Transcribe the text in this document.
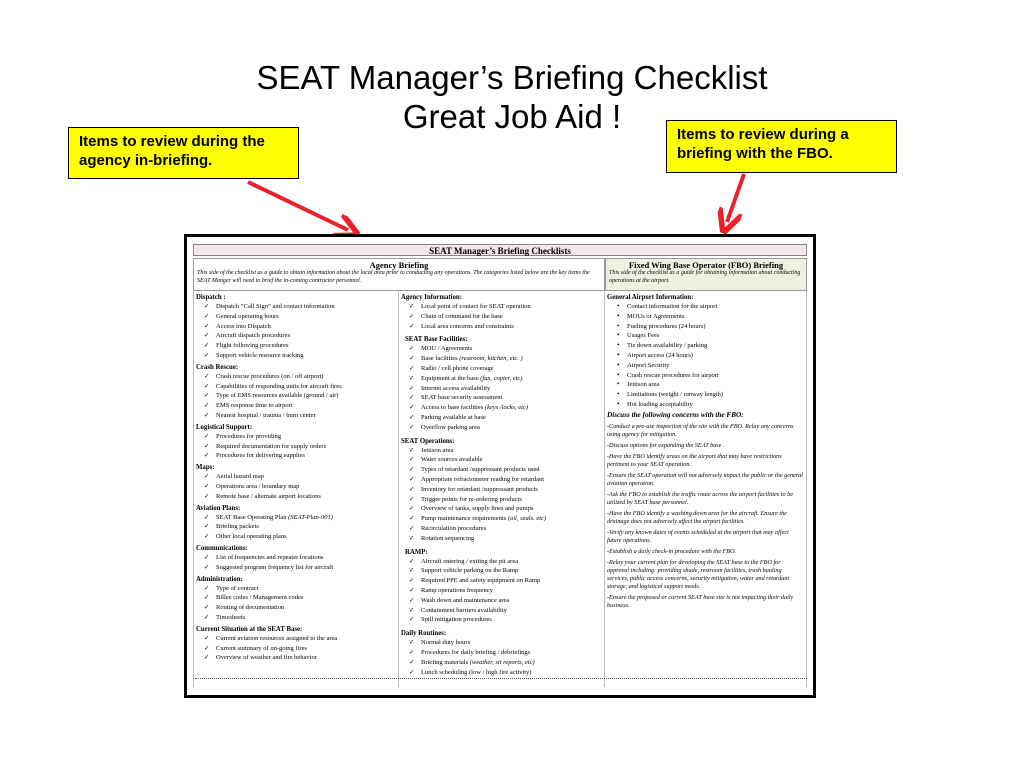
SEAT Manager’s Briefing Checklist
Great Job Aid !
Items to review during the agency in-briefing.
Items to review during a briefing with the FBO.
SEAT Manager’s Briefing Checklists
Agency Briefing
This side of the checklist as a guide to obtain information about the local area prior to conducting any operations. The categories listed below are the key items the SEAT Manger will need to brief the in-coming contractor personnel.
Fixed Wing Base Operator (FBO) Briefing
This side of the checklist as a guide for obtaining information about conducting operations at the airport.
Dispatch :
✓ Dispatch “Call Sign” and contact information
✓ General operating hours
✓ Access into Dispatch
✓ Aircraft dispatch procedures
✓ Flight following procedures
✓ Support vehicle resource tracking
Crash Rescue:
✓ Crash rescue procedures (on / off airport)
✓ Capabilities of responding units for aircraft fires
✓ Type of EMS resources available (ground / air)
✓ EMS response time to airport
✓ Nearest hospital / trauma / burn center
Logistical Support:
✓ Procedures for providing
✓ Required documentation for supply orders
✓ Procedures for delivering supplies
Maps:
✓ Aerial hazard map
✓ Operations area / boundary map
✓ Remote base / alternate airport locations
Aviation Plans:
✓ SEAT Base Operating Plan (SEAT-Plan-001)
✓ Briefing packets
✓ Other local operating plans
Communications:
✓ List of frequencies and repeater locations
✓ Suggested program frequency list for aircraft
Administration:
✓ Type of contract
✓ Billee codes / Management codes
✓ Routing of documentation
✓ Timesheets
Current Situation at the SEAT Base:
✓ Current aviation resources assigned to the area
✓ Current summary of on-going fires
✓ Overview of weather and fire behavior
Agency Information:
✓ Local point of contact for SEAT operation
✓ Chain of command for the base
✓ Local area concerns and constraints
SEAT Base Facilities:
✓ MOU / Agreements
✓ Base facilities (restroom, kitchen, etc. )
✓ Radio / cell phone coverage
✓ Equipment at the base (fax, copier, etc)
✓ Internet access availability
✓ SEAT base security assessment
✓ Access to base facilities (keys /locks, etc)
✓ Parking available at base
✓ Overflow parking area
SEAT Operations:
✓ Jettison area
✓ Water sources available
✓ Types of retardant /suppressant products used
✓ Appropriate refractometer reading for retardant
✓ Inventory for retardant /suppressant products
✓ Trigger points for re-ordering products
✓ Overview of tanks, supply lines and pumps
✓ Pump maintenance requirements (oil, seals. etc)
✓ Recirculation procedures
✓ Rotation sequencing
RAMP:
✓ Aircraft entering / exiting the pit area
✓ Support vehicle parking on the Ramp
✓ Required PPE and safety equipment on Ramp
✓ Ramp operations frequency
✓ Wash down and maintenance area
✓ Containment barriers availability
✓ Spill mitigation procedures
Daily Routines:
✓ Normal duty hours
✓ Procedures for daily briefing / debriefings
✓ Briefing materials (weather, sit reports, etc)
✓ Lunch scheduling (low / high fire activity)
General Airport Information:
• Contact information for the airport
• MOUs or Agreements
• Fueling procedures (24 hours)
• Usages Fees
• Tie down availability / parking
• Airport access (24 hours)
• Airport Security
• Crash rescue procedures for airport
• Jettison area
• Limitations (weight / runway length)
• Hot loading acceptability
Discuss the following concerns with the FBO:
-Conduct a pre-use inspection of the site with the FBO. Relay any concerns using agency for mitigation.
-Discuss options for expanding the SEAT base .
-Have the FBO identify areas on the airport that may have restrictions pertinent to your SEAT operation.
-Ensure the SEAT operation will not adversely impact the public or the general aviation operation.
-Ask the FBO to establish the traffic route across the airport facilities to be utilized by SEAT base personnel.
-Have the FBO identify a washing down area for the aircraft. Ensure the drainage does not adversely affect the airport facilities.
-Verify any known dates of events scheduled at the airport that may affect future operations.
-Establish a daily check-in procedure with the FBO.
-Relay your current plan for developing the SEAT base to the FBO for approval including: providing shade, restroom facilities, trash hauling services, public access concerns, security mitigation, water and retardant storage, and logistical support needs.
-Ensure the proposed or current SEAT base site is not impacting their daily business.
